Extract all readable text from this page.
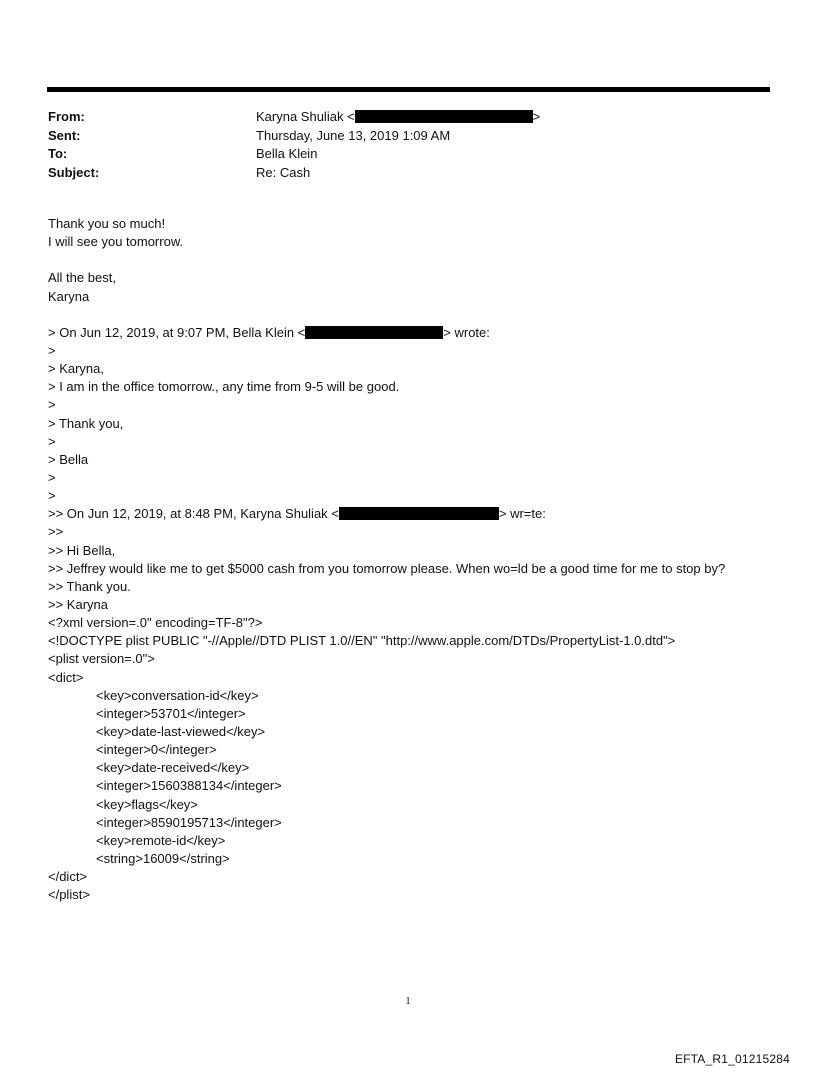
From:	Karyna Shuliak <	>
Sent:	Thursday, June 13, 2019 1:09 AM
To:	Bella Klein
Subject:	Re: Cash
Thank you so much!
I will see you tomorrow.
All the best,
Karyna
> On Jun 12, 2019, at 9:07 PM, Bella Klein <	> wrote:
>
> Karyna,
> I am in the office tomorrow., any time from 9-5 will be good.
>
> Thank you,
>
> Bella
>
>
>> On Jun 12, 2019, at 8:48 PM, Karyna Shuliak <	> wr=te:
>>
>> Hi Bella,
>> Jeffrey would like me to get $5000 cash from you tomorrow please. When wo=ld be a good time for me to stop by?
>> Thank you.
>> Karyna
<?xml version=.0" encoding=TF-8"?>
<!DOCTYPE plist PUBLIC "-//Apple//DTD PLIST 1.0//EN" "http://www.apple.com/DTDs/PropertyList-1.0.dtd">
<plist version=.0">
<dict>
<key>conversation-id</key>
<integer>53701</integer>
<key>date-last-viewed</key>
<integer>0</integer>
<key>date-received</key>
<integer>1560388134</integer>
<key>flags</key>
<integer>8590195713</integer>
<key>remote-id</key>
<string>16009</string>
</dict>
</plist>
1
EFTA_R1_01215284
